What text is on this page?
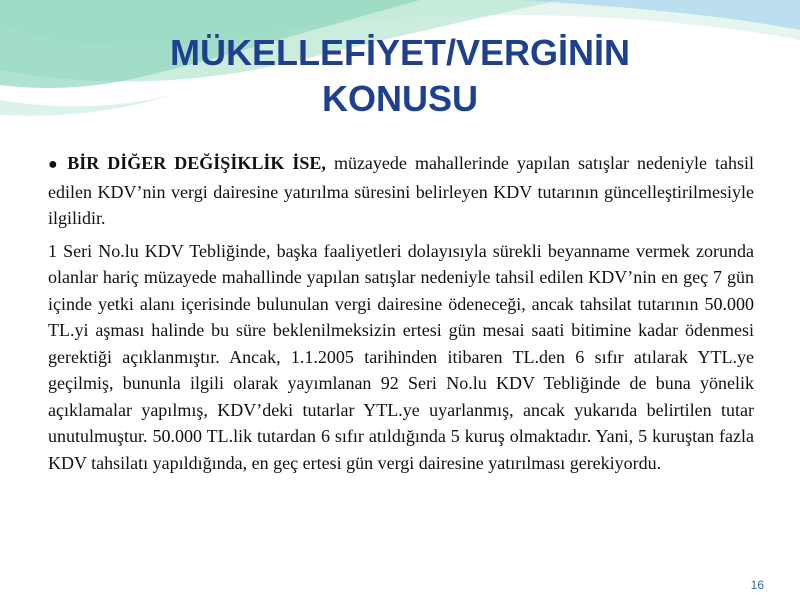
MÜKELLEFİYET/VERGİNİN
KONUSU

● BİR DİĞER DEĞİŞİKLİK İSE, müzayede mahallerinde yapılan satışlar nedeniyle tahsil edilen KDV’nin vergi dairesine yatırılma süresini belirleyen KDV tutarının güncelleştirilmesiyle ilgilidir.

1 Seri No.lu KDV Tebliğinde, başka faaliyetleri dolayısıyla sürekli beyanname vermek zorunda olanlar hariç müzayede mahallinde yapılan satışlar nedeniyle tahsil edilen KDV’nin en geç 7 gün içinde yetki alanı içerisinde bulunulan vergi dairesine ödeneceği, ancak tahsilat tutarının 50.000 TL.yi aşması halinde bu süre beklenilmeksizin ertesi gün mesai saati bitimine kadar ödenmesi gerektiği açıklanmıştır. Ancak, 1.1.2005 tarihinden itibaren TL.den 6 sıfır atılarak YTL.ye geçilmiş, bununla ilgili olarak yayımlanan 92 Seri No.lu KDV Tebliğinde de buna yönelik açıklamalar yapılmış, KDV’deki tutarlar YTL.ye uyarlanmış, ancak yukarıda belirtilen tutar unutulmuştur. 50.000 TL.lik tutardan 6 sıfır atıldığında 5 kuruş olmaktadır. Yani, 5 kuruştan fazla KDV tahsilatı yapıldığında, en geç ertesi gün vergi dairesine yatırılması gerekiyordu.

16
